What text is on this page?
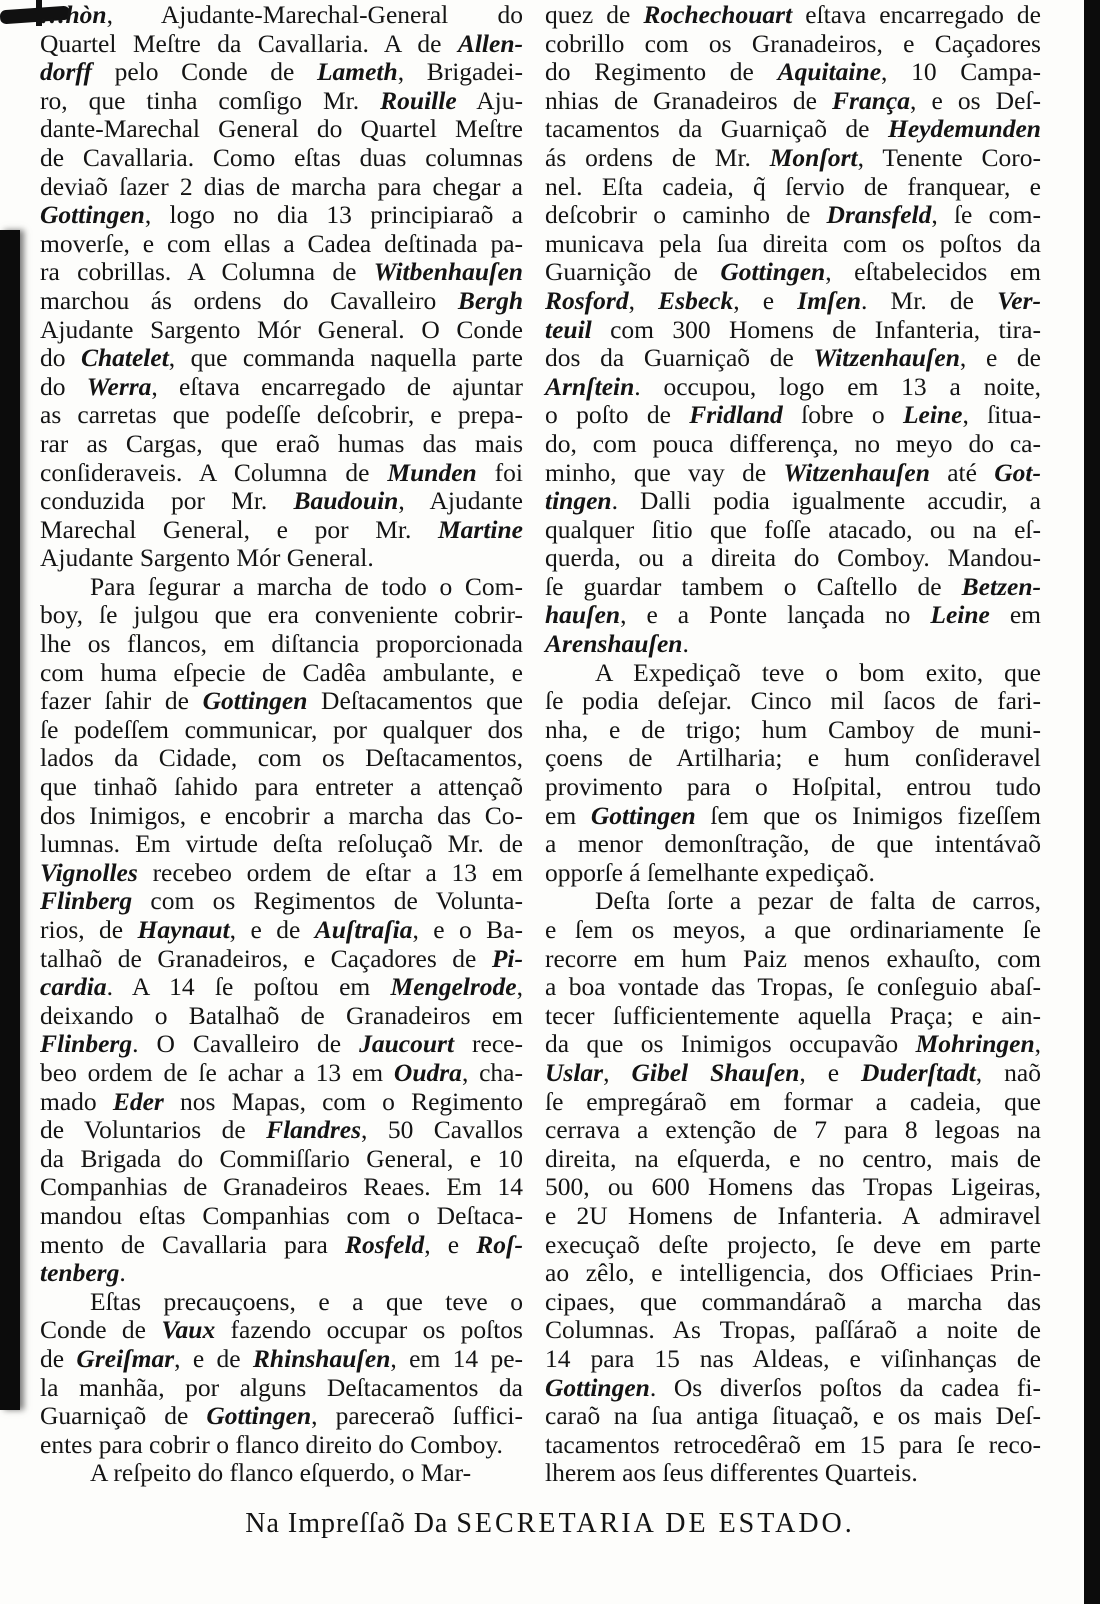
…hòn, Ajudante-Marechal-General do
Quartel Meſtre da Cavallaria. A de Allen-
dorff pelo Conde de Lameth, Brigadei-
ro, que tinha comſigo Mr. Rouille Aju-
dante-Marechal General do Quartel Meſtre
de Cavallaria. Como eſtas duas columnas
deviaõ ſazer 2 dias de marcha para chegar a
Gottingen, logo no dia 13 principiaraõ a
moverſe, e com ellas a Cadea deſtinada pa-
ra cobrillas. A Columna de Witbenhauſen
marchou ás ordens do Cavalleiro Bergh
Ajudante Sargento Mór General. O Conde
do Chatelet, que commanda naquella parte
do Werra, eſtava encarregado de ajuntar
as carretas que podeſſe deſcobrir, e prepa-
rar as Cargas, que eraõ humas das mais
conſideraveis. A Columna de Munden foi
conduzida por Mr. Baudouin, Ajudante
Marechal General, e por Mr. Martine
Ajudante Sargento Mór General.
Para ſegurar a marcha de todo o Com-
boy, ſe julgou que era conveniente cobrir-
lhe os flancos, em diſtancia proporcionada
com huma eſpecie de Cadêa ambulante, e
fazer ſahir de Gottingen Deſtacamentos que
ſe podeſſem communicar, por qualquer dos
lados da Cidade, com os Deſtacamentos,
que tinhaõ ſahido para entreter a attençaõ
dos Inimigos, e encobrir a marcha das Co-
lumnas. Em virtude deſta reſoluçaõ Mr. de
Vignolles recebeo ordem de eſtar a 13 em
Flinberg com os Regimentos de Volunta-
rios, de Haynaut, e de Auſtraſia, e o Ba-
talhaõ de Granadeiros, e Caçadores de Pi-
cardia. A 14 ſe poſtou em Mengelrode,
deixando o Batalhaõ de Granadeiros em
Flinberg. O Cavalleiro de Jaucourt rece-
beo ordem de ſe achar a 13 em Oudra, cha-
mado Eder nos Mapas, com o Regimento
de Voluntarios de Flandres, 50 Cavallos
da Brigada do Commiſſario General, e 10
Companhias de Granadeiros Reaes. Em 14
mandou eſtas Companhias com o Deſtaca-
mento de Cavallaria para Rosfeld, e Roſ-
tenberg.
Eſtas precauçoens, e a que teve o
Conde de Vaux fazendo occupar os poſtos
de Greiſmar, e de Rhinshauſen, em 14 pe-
la manhãa, por alguns Deſtacamentos da
Guarniçaõ de Gottingen, pareceraõ ſuffici-
entes para cobrir o flanco direito do Comboy.
A reſpeito do flanco eſquerdo, o Mar-
quez de Rochechouart eſtava encarregado de
cobrillo com os Granadeiros, e Caçadores
do Regimento de Aquitaine, 10 Campa-
nhias de Granadeiros de França, e os Deſ-
tacamentos da Guarniçaõ de Heydemunden
ás ordens de Mr. Monſort, Tenente Coro-
nel. Eſta cadeia, q̃ ſervio de franquear, e
deſcobrir o caminho de Dransfeld, ſe com-
municava pela ſua direita com os poſtos da
Guarnição de Gottingen, eſtabelecidos em
Rosford, Esbeck, e Imſen. Mr. de Ver-
teuil com 300 Homens de Infanteria, tira-
dos da Guarniçaõ de Witzenhauſen, e de
Arnſtein. occupou, logo em 13 a noite,
o poſto de Fridland ſobre o Leine, ſitua-
do, com pouca differença, no meyo do ca-
minho, que vay de Witzenhauſen até Got-
tingen. Dalli podia igualmente accudir, a
qualquer ſitio que foſſe atacado, ou na eſ-
querda, ou a direita do Comboy. Mandou-
ſe guardar tambem o Caſtello de Betzen-
hauſen, e a Ponte lançada no Leine em
Arenshauſen.
A Expediçaõ teve o bom exito, que
ſe podia deſejar. Cinco mil ſacos de fari-
nha, e de trigo; hum Camboy de muni-
çoens de Artilharia; e hum conſideravel
provimento para o Hoſpital, entrou tudo
em Gottingen ſem que os Inimigos fizeſſem
a menor demonſtração, de que intentávaõ
opporſe á ſemelhante expediçaõ.
Deſta ſorte a pezar de falta de carros,
e ſem os meyos, a que ordinariamente ſe
recorre em hum Paiz menos exhauſto, com
a boa vontade das Tropas, ſe conſeguio abaſ-
tecer ſufficientemente aquella Praça; e ain-
da que os Inimigos occupavão Mohringen,
Uslar, Gibel Shauſen, e Duderſtadt, naõ
ſe empregáraõ em formar a cadeia, que
cerrava a extenção de 7 para 8 legoas na
direita, na eſquerda, e no centro, mais de
500, ou 600 Homens das Tropas Ligeiras,
e 2U Homens de Infanteria. A admiravel
execuçaõ deſte projecto, ſe deve em parte
ao zêlo, e intelligencia, dos Officiaes Prin-
cipaes, que commandáraõ a marcha das
Columnas. As Tropas, paſſáraõ a noite de
14 para 15 nas Aldeas, e viſinhanças de
Gottingen. Os diverſos poſtos da cadea fi-
caraõ na ſua antiga ſituaçaõ, e os mais Deſ-
tacamentos retrocedêraõ em 15 para ſe reco-
lherem aos ſeus differentes Quarteis.
Na Impreſſaõ Da SECRETARIA DE ESTADO.
